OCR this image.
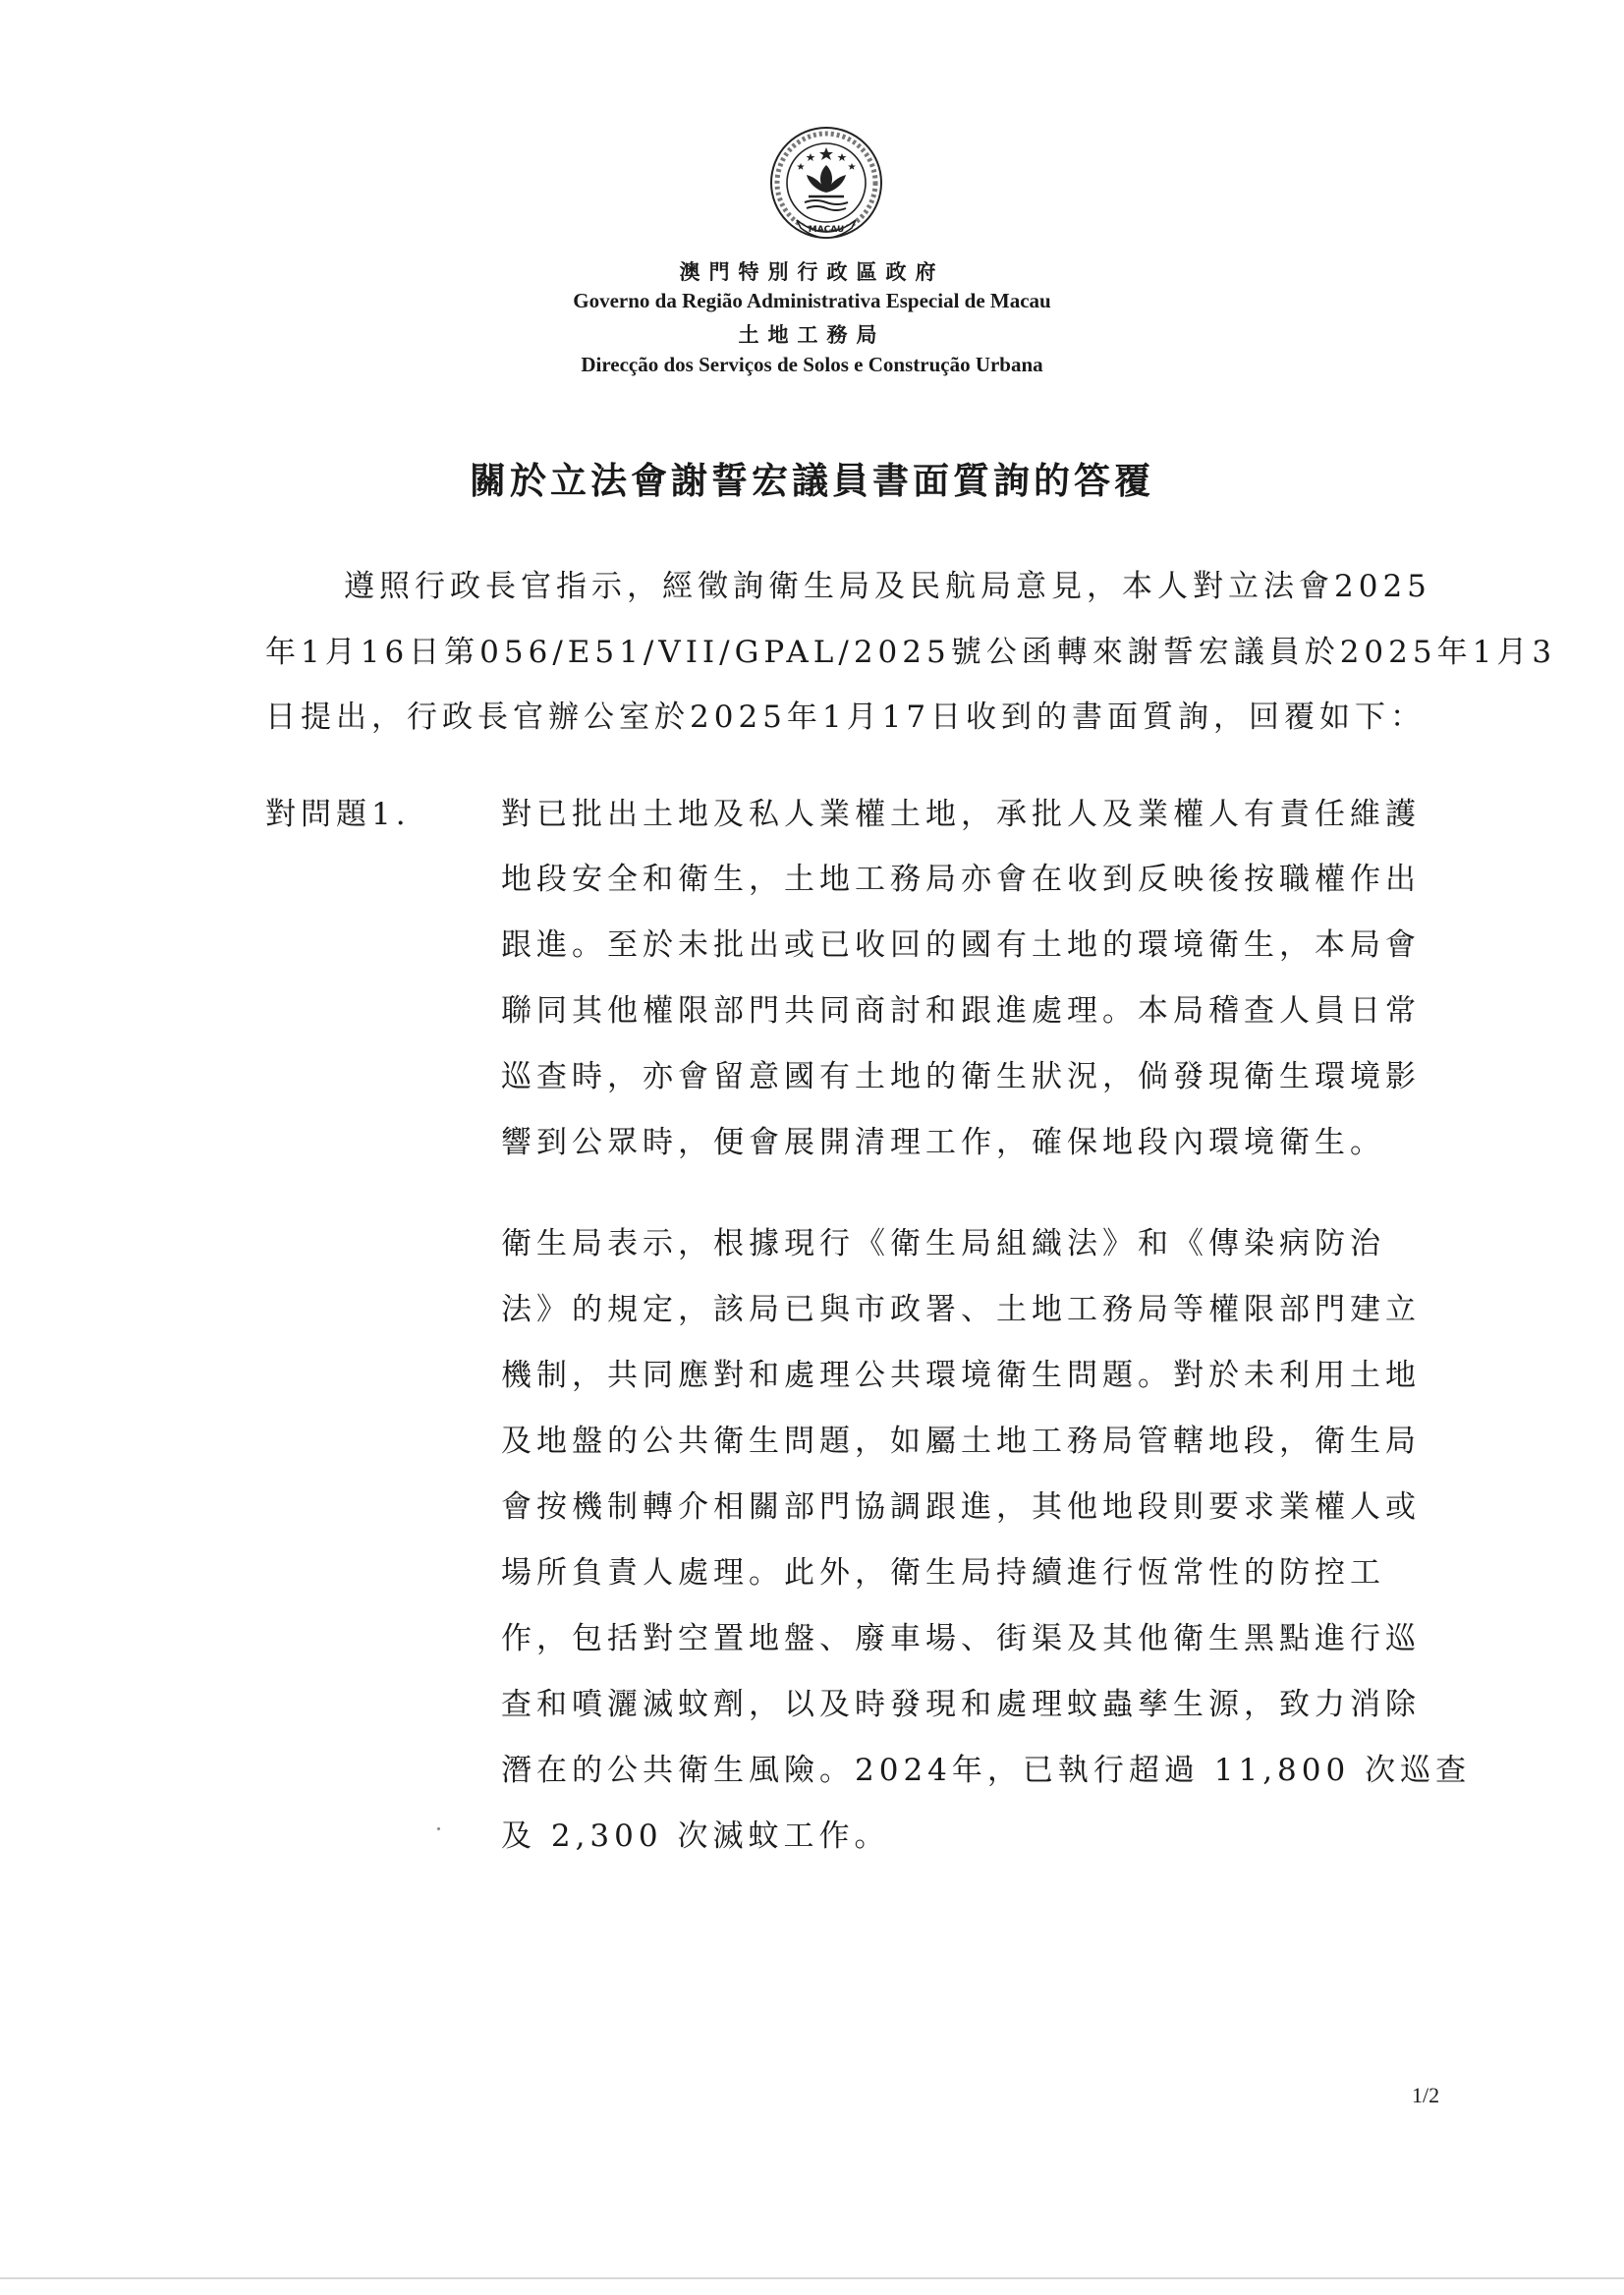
MACAU
澳門特別行政區政府
Governo da Região Administrativa Especial de Macau
土地工務局
Direcção dos Serviços de Solos e Construção Urbana
關於立法會謝誓宏議員書面質詢的答覆
遵照行政長官指示，經徵詢衛生局及民航局意見，本人對立法會2025
年1月16日第056/E51/VII/GPAL/2025號公函轉來謝誓宏議員於2025年1月3
日提出，行政長官辦公室於2025年1月17日收到的書面質詢，回覆如下：
對問題1.	對已批出土地及私人業權土地，承批人及業權人有責任維護
地段安全和衛生，土地工務局亦會在收到反映後按職權作出
跟進。至於未批出或已收回的國有土地的環境衛生，本局會
聯同其他權限部門共同商討和跟進處理。本局稽查人員日常
巡查時，亦會留意國有土地的衛生狀況，倘發現衛生環境影
響到公眾時，便會展開清理工作，確保地段內環境衛生。
衛生局表示，根據現行《衛生局組織法》和《傳染病防治
法》的規定，該局已與市政署、土地工務局等權限部門建立
機制，共同應對和處理公共環境衛生問題。對於未利用土地
及地盤的公共衛生問題，如屬土地工務局管轄地段，衛生局
會按機制轉介相關部門協調跟進，其他地段則要求業權人或
場所負責人處理。此外，衛生局持續進行恆常性的防控工
作，包括對空置地盤、廢車場、街渠及其他衛生黑點進行巡
查和噴灑滅蚊劑，以及時發現和處理蚊蟲孳生源，致力消除
潛在的公共衛生風險。2024年，已執行超過 11,800 次巡查
及 2,300 次滅蚊工作。
1/2
